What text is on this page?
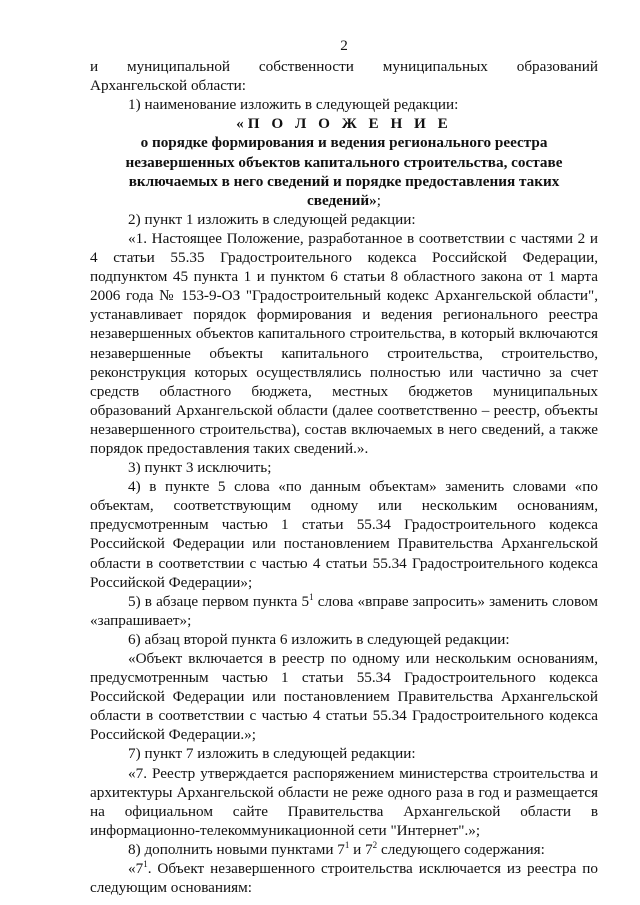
2

и муниципальной собственности муниципальных образований Архангельской области:

1) наименование изложить в следующей редакции:

«П О Л О Ж Е Н И Е

о порядке формирования и ведения регионального реестра незавершенных объектов капитального строительства, составе включаемых в него сведений и порядке предоставления таких сведений»;

2) пункт 1 изложить в следующей редакции:

«1. Настоящее Положение, разработанное в соответствии с частями 2 и 4 статьи 55.35 Градостроительного кодекса Российской Федерации, подпунктом 45 пункта 1 и пунктом 6 статьи 8 областного закона от 1 марта 2006 года № 153-9-ОЗ "Градостроительный кодекс Архангельской области", устанавливает порядок формирования и ведения регионального реестра незавершенных объектов капитального строительства, в который включаются незавершенные объекты капитального строительства, строительство, реконструкция которых осуществлялись полностью или частично за счет средств областного бюджета, местных бюджетов муниципальных образований Архангельской области (далее соответственно – реестр, объекты незавершенного строительства), состав включаемых в него сведений, а также порядок предоставления таких сведений.».

3) пункт 3 исключить;

4) в пункте 5 слова «по данным объектам» заменить словами «по объектам, соответствующим одному или нескольким основаниям, предусмотренным частью 1 статьи 55.34 Градостроительного кодекса Российской Федерации или постановлением Правительства Архангельской области в соответствии с частью 4 статьи 55.34 Градостроительного кодекса Российской Федерации»;

5) в абзаце первом пункта $5^1$ слова «вправе запросить» заменить словом «запрашивает»;

6) абзац второй пункта 6 изложить в следующей редакции:

«Объект включается в реестр по одному или нескольким основаниям, предусмотренным частью 1 статьи 55.34 Градостроительного кодекса Российской Федерации или постановлением Правительства Архангельской области в соответствии с частью 4 статьи 55.34 Градостроительного кодекса Российской Федерации.»;

7) пункт 7 изложить в следующей редакции:

«7. Реестр утверждается распоряжением министерства строительства и архитектуры Архангельской области не реже одного раза в год и размещается на официальном сайте Правительства Архангельской области в информационно-телекоммуникационной сети "Интернет".»;

8) дополнить новыми пунктами $7^1$ и $7^2$ следующего содержания:

«$7^1$. Объект незавершенного строительства исключается из реестра по следующим основаниям:
